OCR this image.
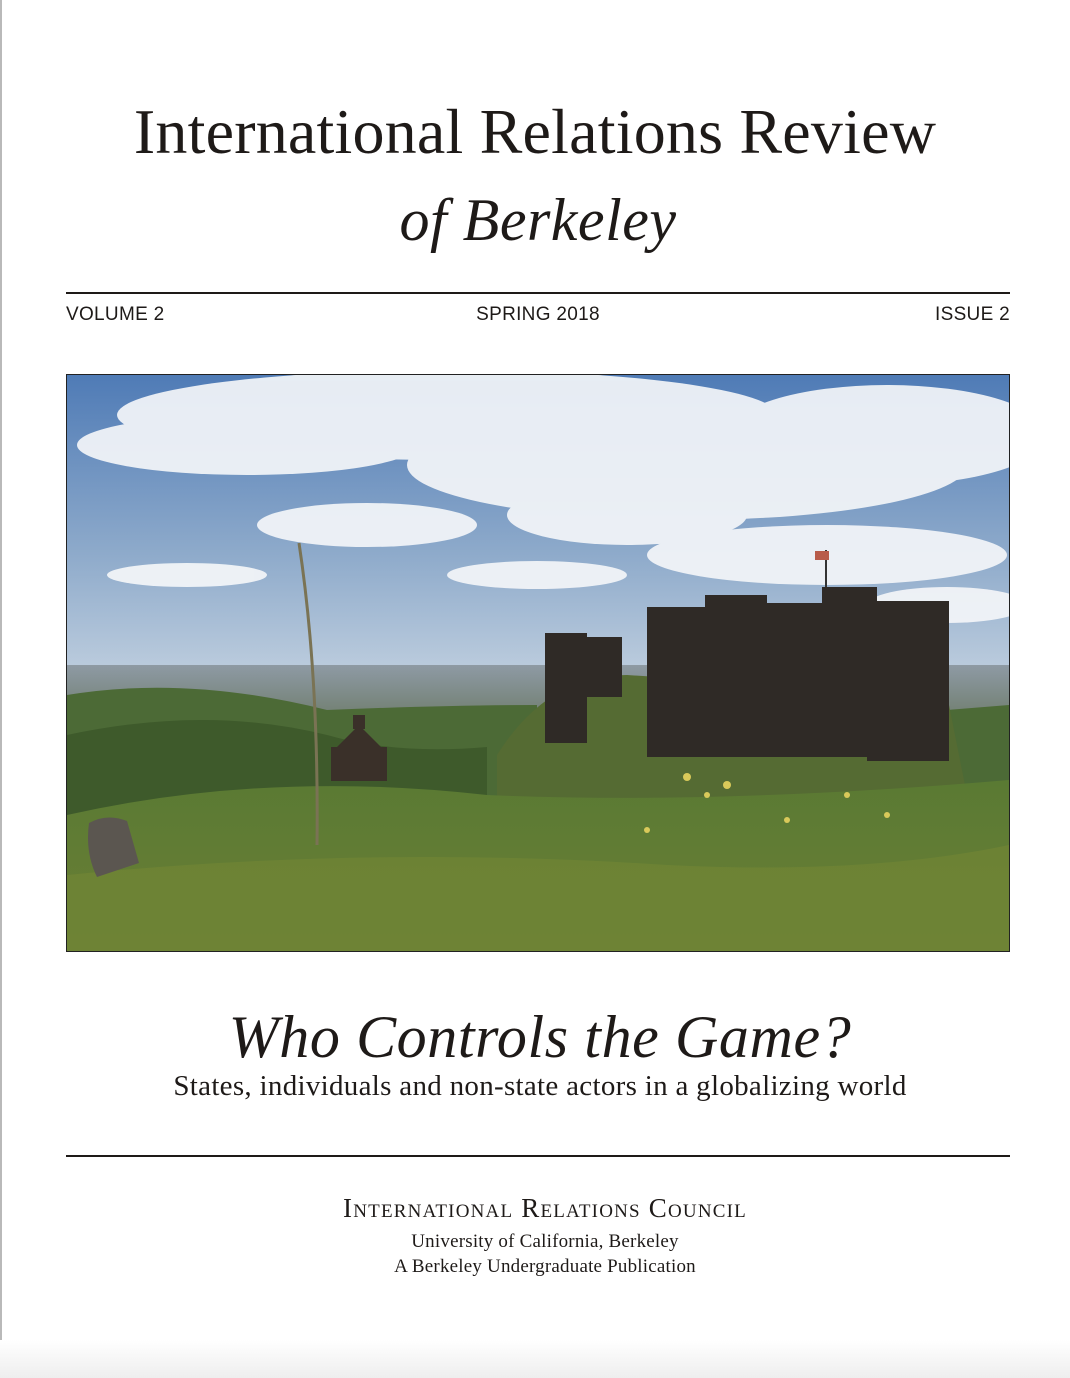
International Relations Review
of Berkeley
VOLUME 2	SPRING 2018	ISSUE 2
Who Controls the Game?
States, individuals and non-state actors in a globalizing world
International Relations Council
University of California, Berkeley
A Berkeley Undergraduate Publication
